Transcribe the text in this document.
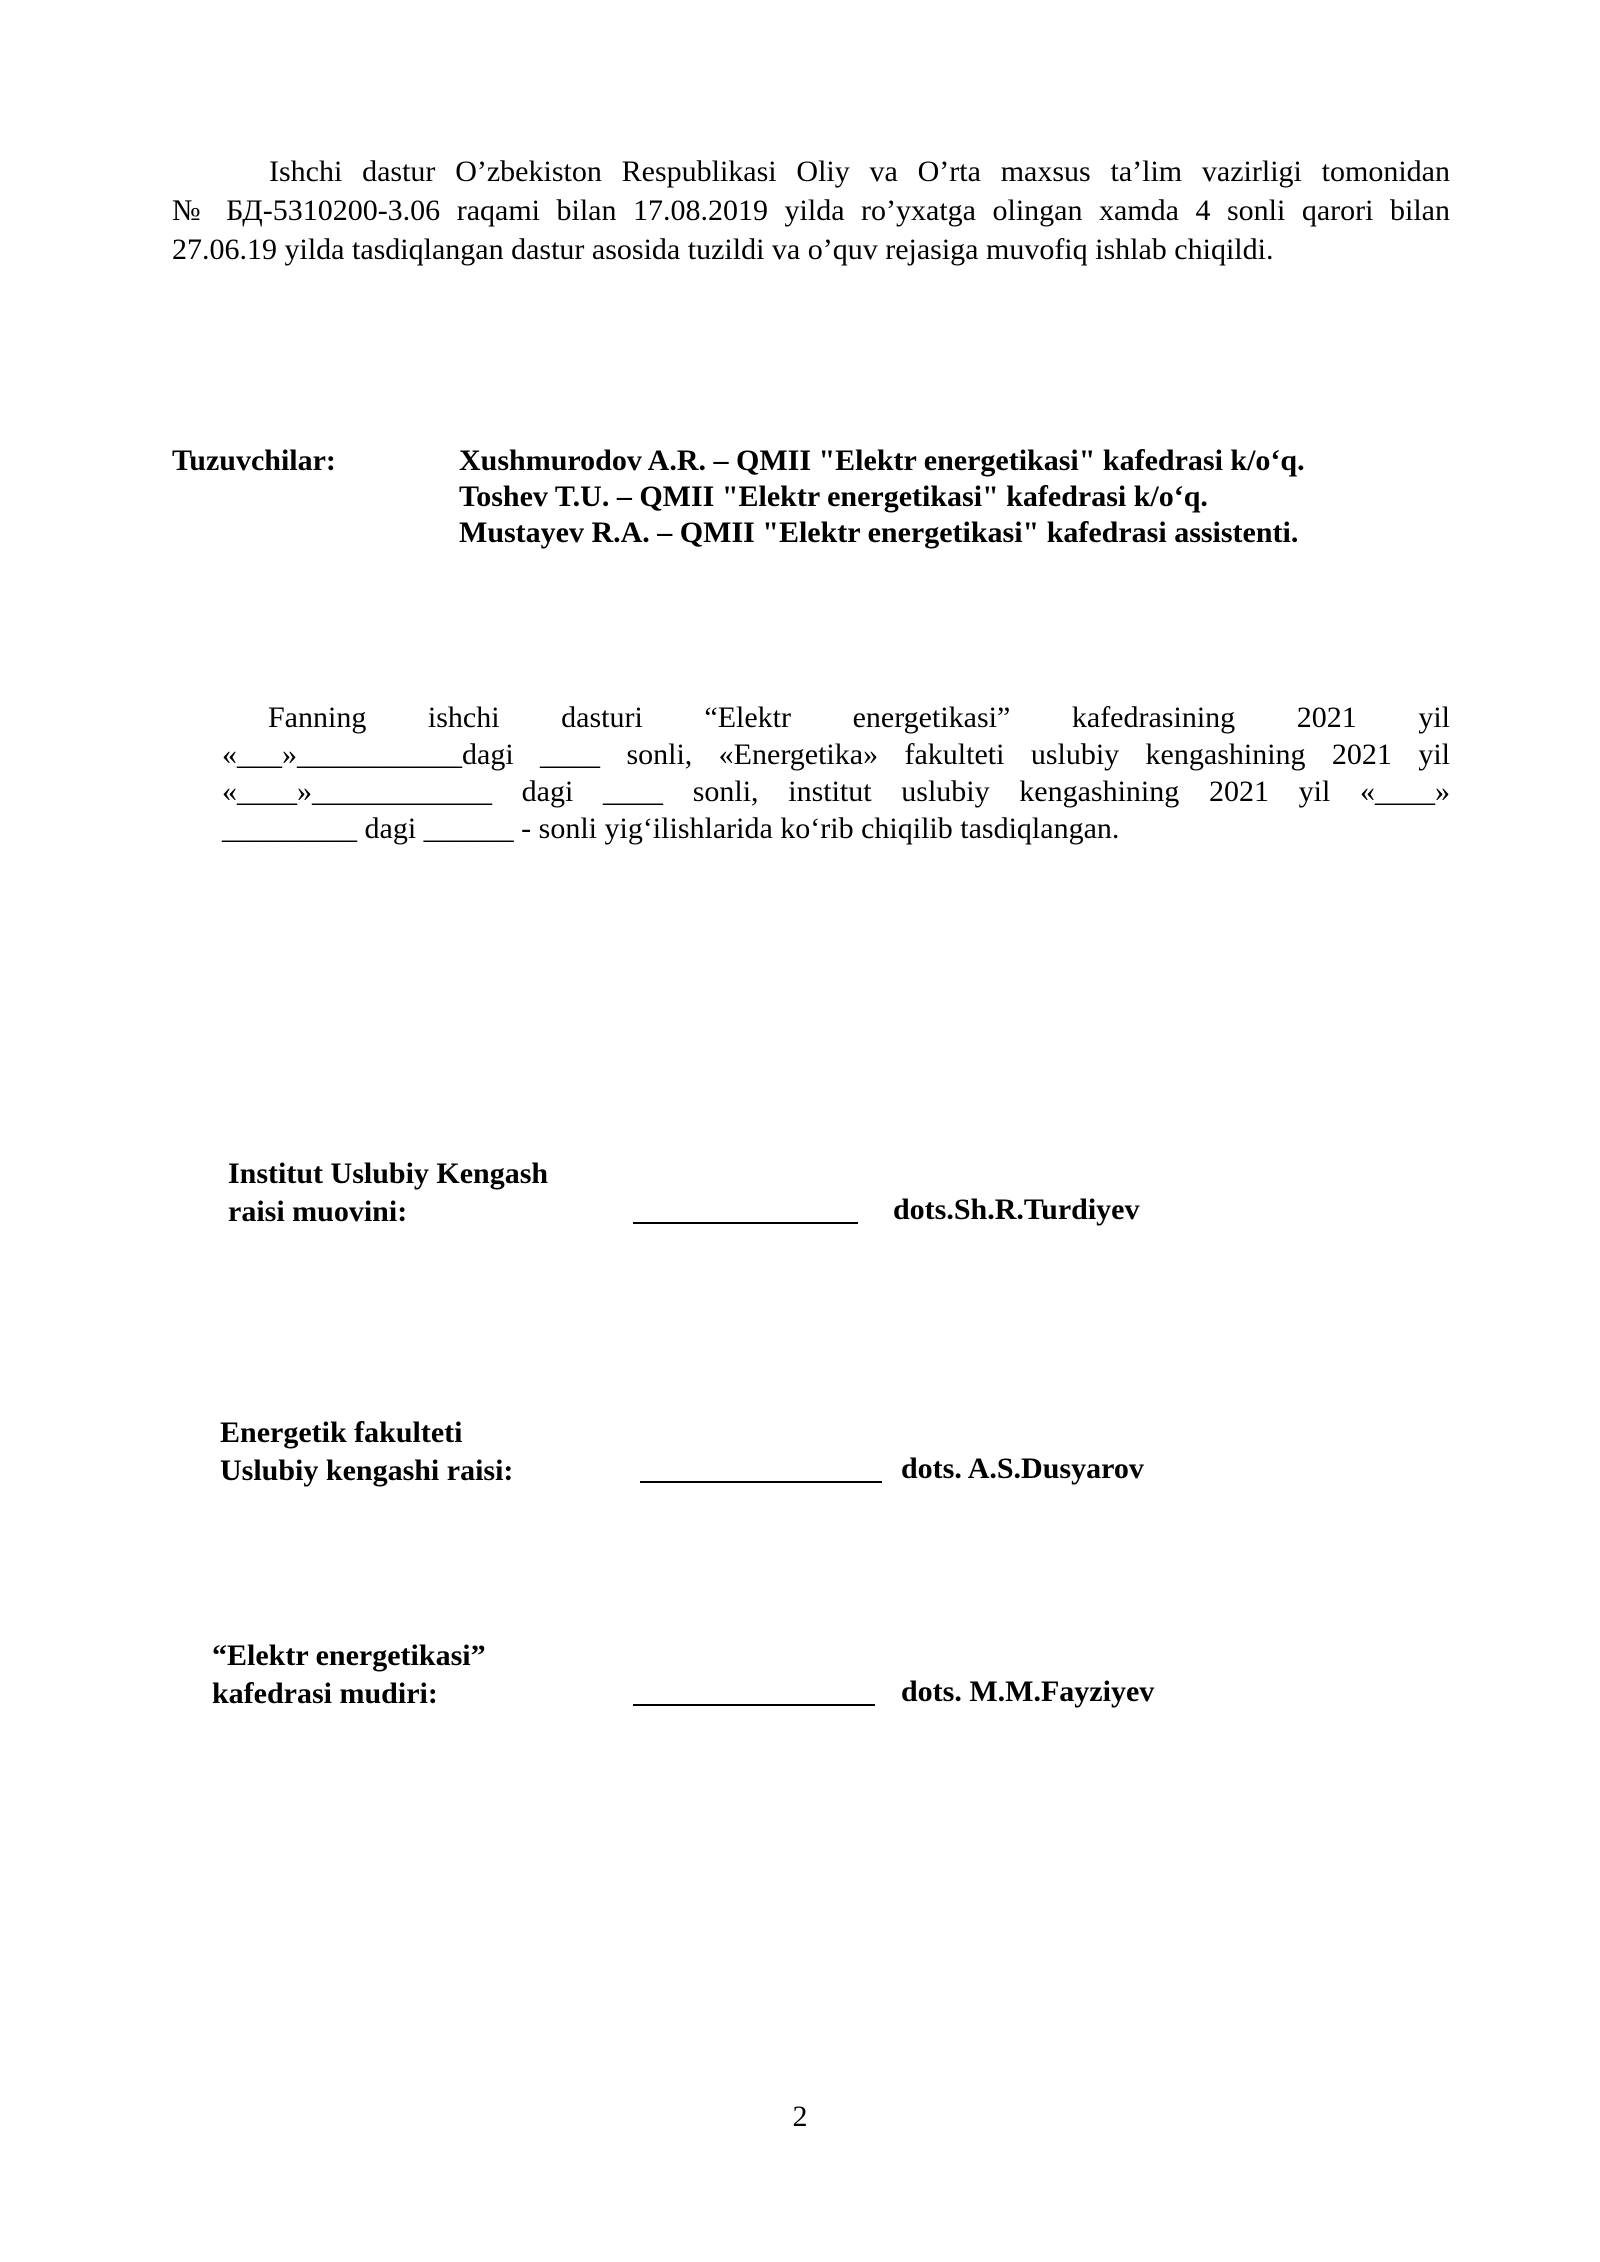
Ishchi dastur O’zbekiston Respublikasi Oliy va O’rta maxsus ta’lim vazirligi tomonidan
№ БД-5310200-3.06 raqami bilan 17.08.2019 yilda ro’yxatga olingan xamda 4 sonli qarori bilan
27.06.19 yilda tasdiqlangan dastur asosida tuzildi va o’quv rejasiga muvofiq ishlab chiqildi.
Tuzuvchilar:	Xushmurodov A.R. – QMII "Elektr energetikasi" kafedrasi k/o‘q.
Toshev T.U. – QMII "Elektr energetikasi" kafedrasi k/o‘q.
Mustayev R.A. – QMII "Elektr energetikasi" kafedrasi assistenti.
Fanning ishchi dasturi “Elektr energetikasi” kafedrasining 2021 yil
«___»___________dagi ____ sonli, «Energetika» fakulteti uslubiy kengashining 2021 yil
«____»____________ dagi ____ sonli, institut uslubiy kengashining 2021 yil «____»
_________ dagi ______ - sonli yig‘ilishlarida ko‘rib chiqilib tasdiqlangan.
Institut Uslubiy Kengash
raisi muovini:	dots.Sh.R.Turdiyev
Energetik fakulteti
Uslubiy kengashi raisi:	dots. A.S.Dusyarov
“Elektr energetikasi”
kafedrasi mudiri:	dots. M.M.Fayziyev
2
